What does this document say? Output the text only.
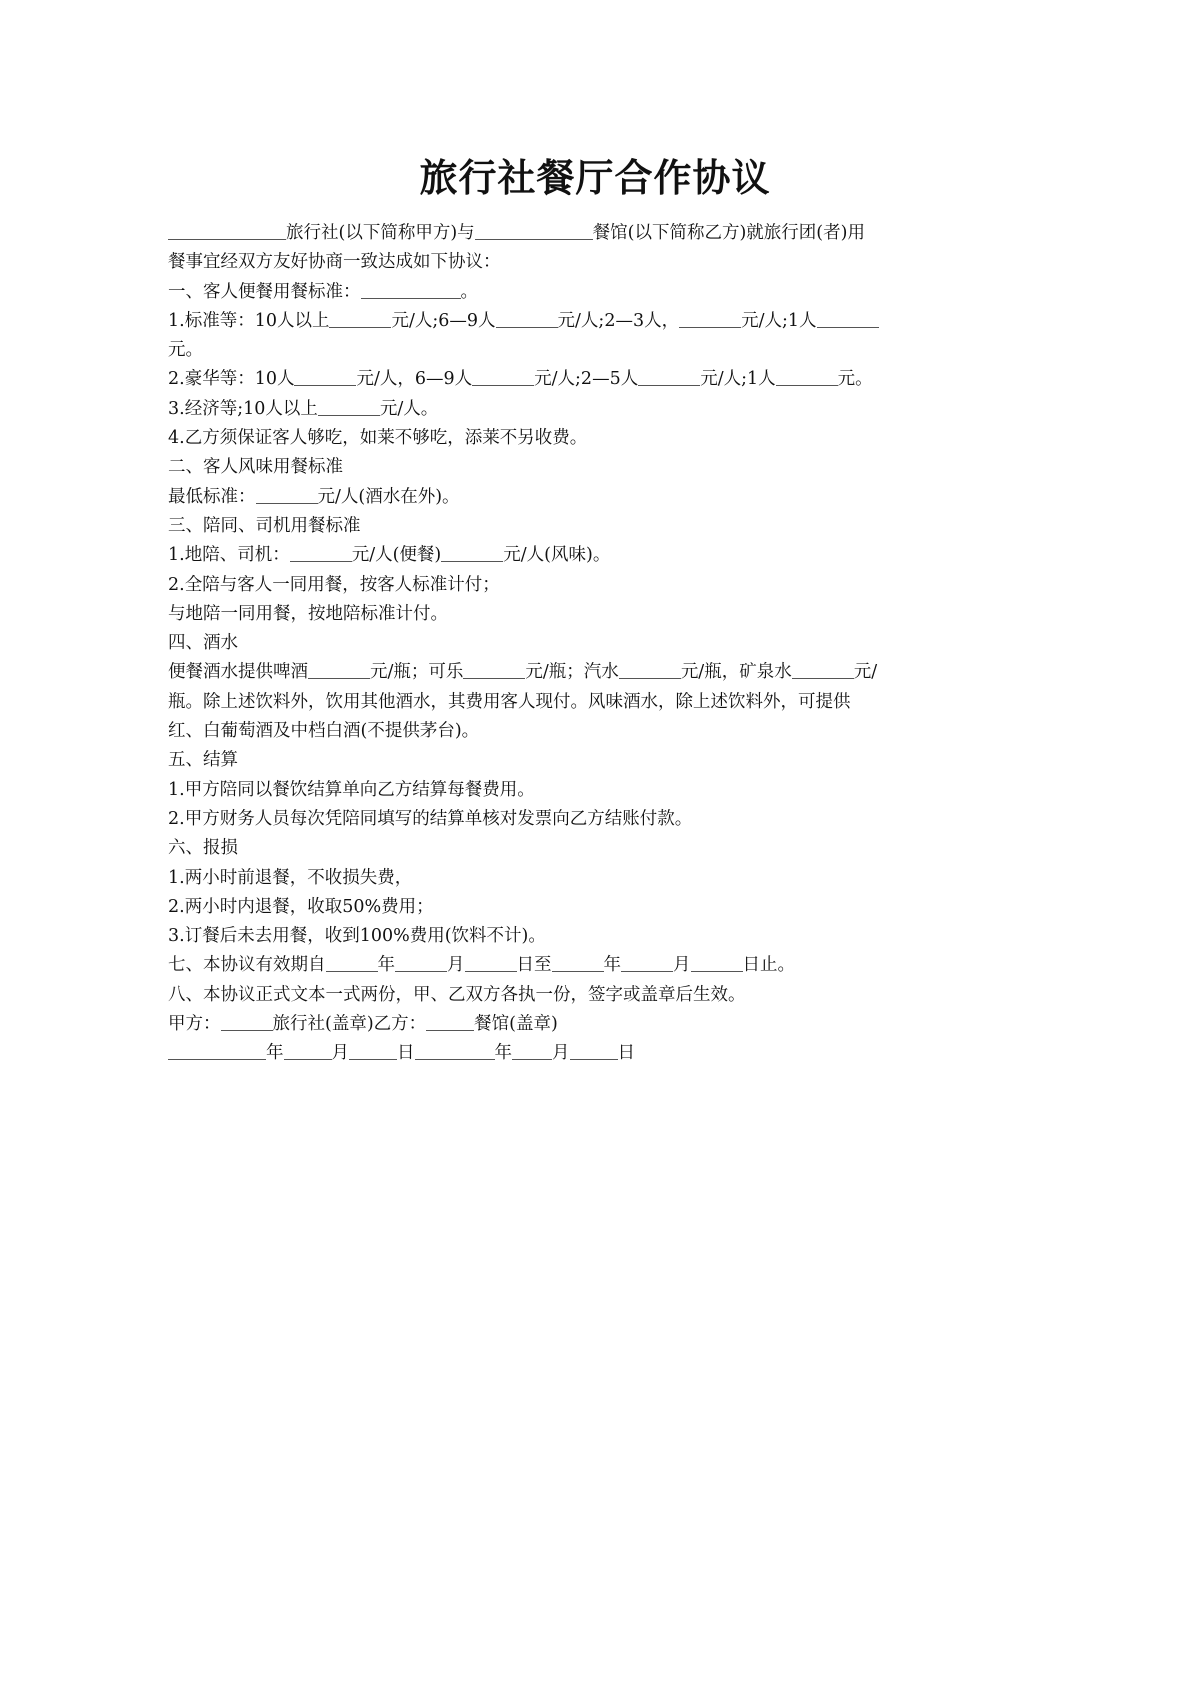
旅行社餐厅合作协议
旅行社(以下简称甲方)与	餐馆(以下简称乙方)就旅行团(者)用
餐事宜经双方友好协商一致达成如下协议：
一、客人便餐用餐标准：	。
1.标准等：10人以上	元/人;6—9人	元/人;2—3人，	元/人;1人
元。
2.豪华等：10人	元/人，6—9人	元/人;2—5人	元/人;1人	元。
3.经济等;10人以上	元/人。
4.乙方须保证客人够吃，如莱不够吃，添莱不另收费。
二、客人风味用餐标准
最低标准：	元/人(酒水在外)。
三、陪同、司机用餐标准
1.地陪、司机：	元/人(便餐)	元/人(风味)。
2.全陪与客人一同用餐，按客人标准计付；
与地陪一同用餐，按地陪标准计付。
四、酒水
便餐酒水提供啤酒	元/瓶；可乐	元/瓶；汽水	元/瓶，矿泉水	元/
瓶。除上述饮料外，饮用其他酒水，其费用客人现付。风味酒水，除上述饮料外，可提供
红、白葡萄酒及中档白酒(不提供茅台)。
五、结算
1.甲方陪同以餐饮结算单向乙方结算每餐费用。
2.甲方财务人员每次凭陪同填写的结算单核对发票向乙方结账付款。
六、报损
1.两小时前退餐，不收损失费，
2.两小时内退餐，收取50%费用；
3.订餐后未去用餐，收到100%费用(饮料不计)。
七、本协议有效期自	年	月	日至	年	月	日止。
八、本协议正式文本一式两份，甲、乙双方各执一份，签字或盖章后生效。
甲方：	旅行社(盖章)乙方：	餐馆(盖章)
年	月	日	年 月	日
